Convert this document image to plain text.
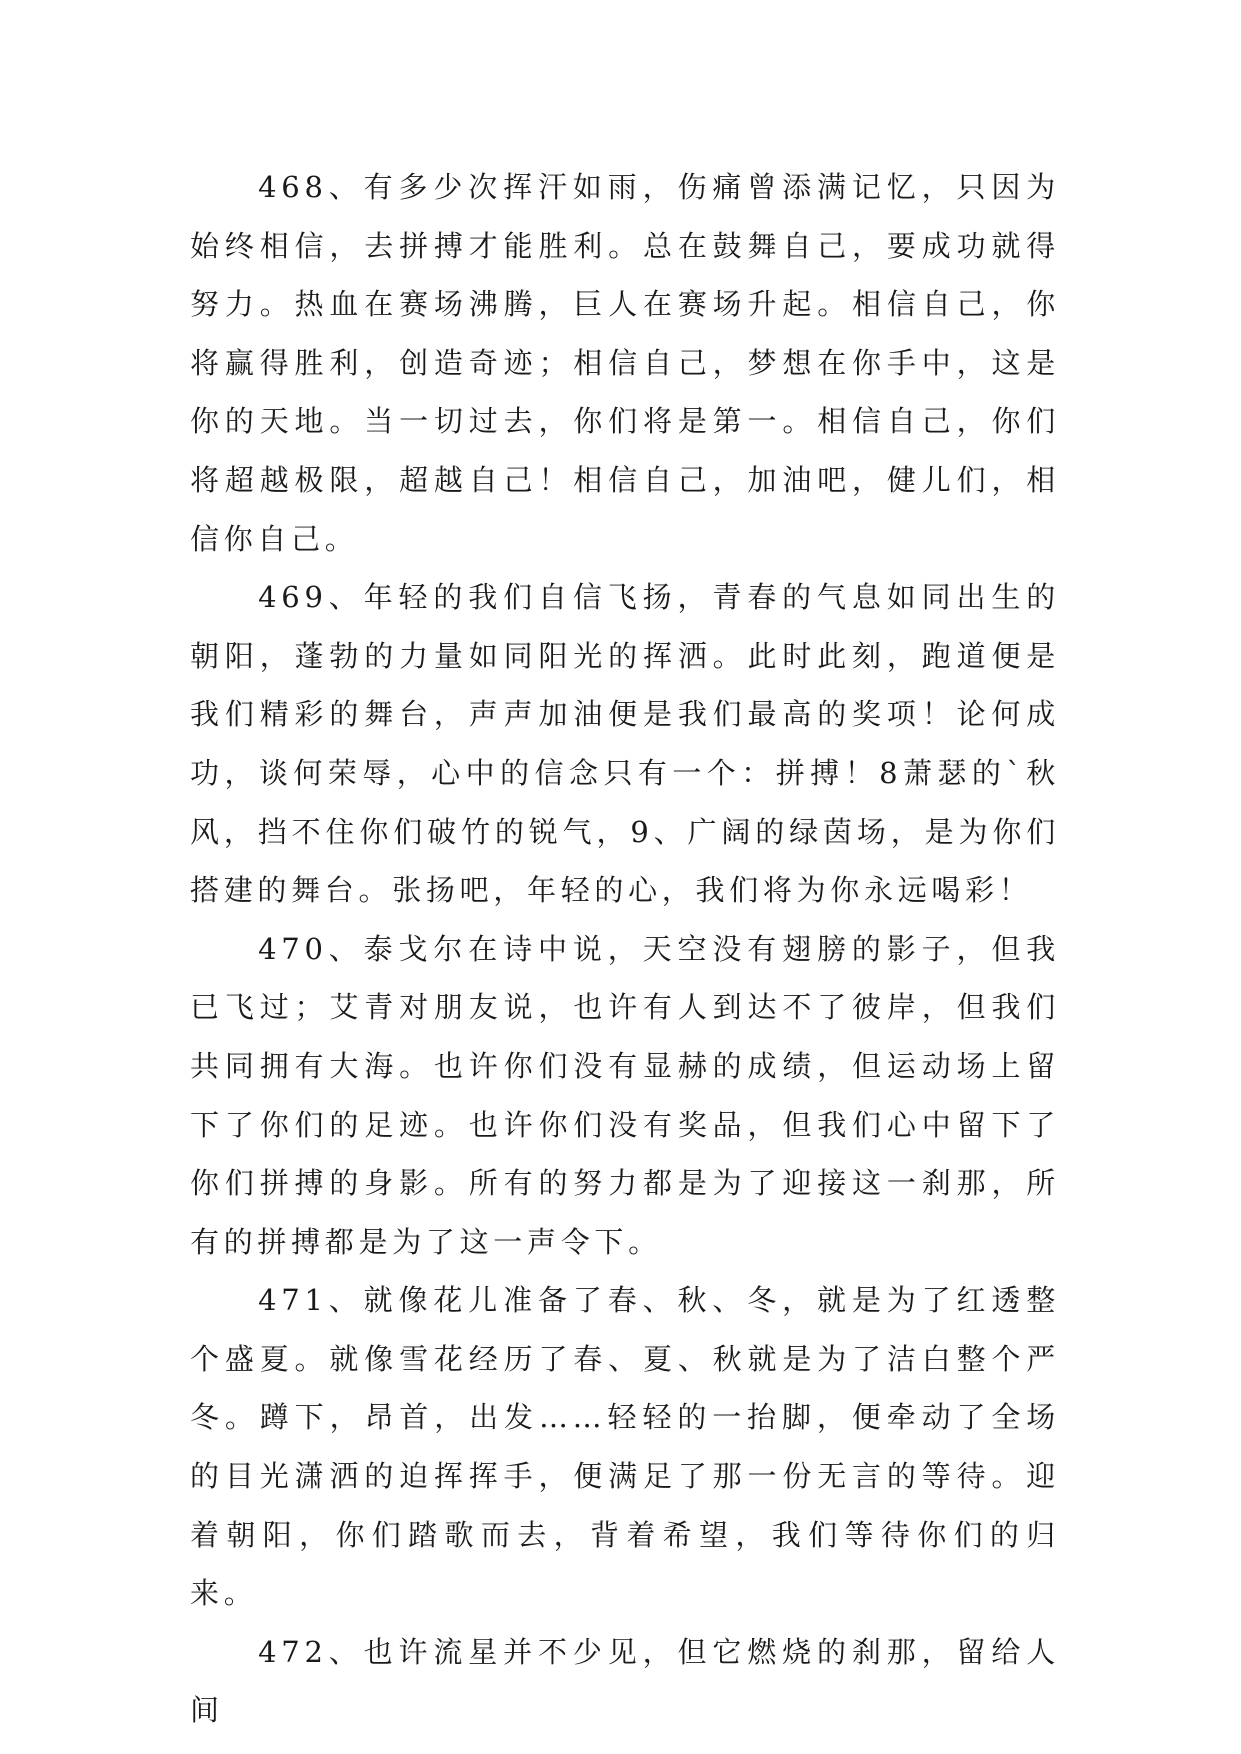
468、有多少次挥汗如雨，伤痛曾添满记忆，只因为始终相信，去拼搏才能胜利。总在鼓舞自己，要成功就得努力。热血在赛场沸腾，巨人在赛场升起。相信自己，你将赢得胜利，创造奇迹；相信自己，梦想在你手中，这是你的天地。当一切过去，你们将是第一。相信自己，你们将超越极限，超越自己！相信自己，加油吧，健儿们，相信你自己。

469、年轻的我们自信飞扬，青春的气息如同出生的朝阳，蓬勃的力量如同阳光的挥洒。此时此刻，跑道便是我们精彩的舞台，声声加油便是我们最高的奖项！论何成功，谈何荣辱，心中的信念只有一个：拼搏！8萧瑟的`秋风，挡不住你们破竹的锐气，9、广阔的绿茵场，是为你们搭建的舞台。张扬吧，年轻的心，我们将为你永远喝彩！

470、泰戈尔在诗中说，天空没有翅膀的影子，但我已飞过；艾青对朋友说，也许有人到达不了彼岸，但我们共同拥有大海。也许你们没有显赫的成绩，但运动场上留下了你们的足迹。也许你们没有奖品，但我们心中留下了你们拼搏的身影。所有的努力都是为了迎接这一刹那，所有的拼搏都是为了这一声令下。

471、就像花儿准备了春、秋、冬，就是为了红透整个盛夏。就像雪花经历了春、夏、秋就是为了洁白整个严冬。蹲下，昂首，出发……轻轻的一抬脚，便牵动了全场的目光潇洒的迫挥挥手，便满足了那一份无言的等待。迎着朝阳，你们踏歌而去，背着希望，我们等待你们的归来。

472、也许流星并不少见，但它燃烧的刹那，留给人间
